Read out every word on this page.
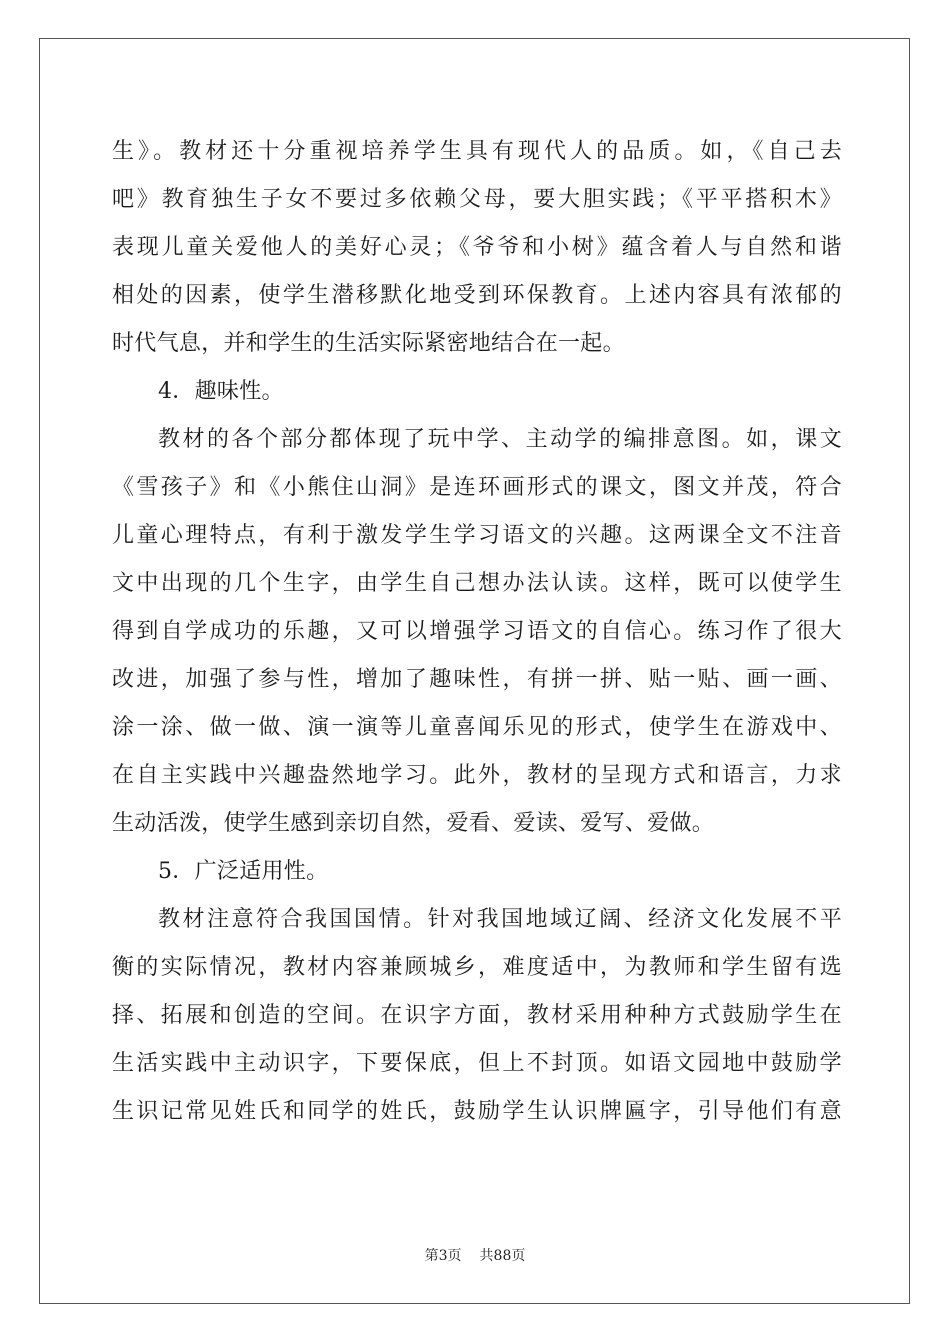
生》。教材还十分重视培养学生具有现代人的品质。如，《自己去
吧》教育独生子女不要过多依赖父母，要大胆实践；《平平搭积木》
表现儿童关爱他人的美好心灵；《爷爷和小树》蕴含着人与自然和谐
相处的因素，使学生潜移默化地受到环保教育。上述内容具有浓郁的
时代气息，并和学生的生活实际紧密地结合在一起。
4．趣味性。
教材的各个部分都体现了玩中学、主动学的编排意图。如，课文
《雪孩子》和《小熊住山洞》是连环画形式的课文，图文并茂，符合
儿童心理特点，有利于激发学生学习语文的兴趣。这两课全文不注音
文中出现的几个生字，由学生自己想办法认读。这样，既可以使学生
得到自学成功的乐趣，又可以增强学习语文的自信心。练习作了很大
改进，加强了参与性，增加了趣味性，有拼一拼、贴一贴、画一画、
涂一涂、做一做、演一演等儿童喜闻乐见的形式，使学生在游戏中、
在自主实践中兴趣盎然地学习。此外，教材的呈现方式和语言，力求
生动活泼，使学生感到亲切自然，爱看、爱读、爱写、爱做。
5．广泛适用性。
教材注意符合我国国情。针对我国地域辽阔、经济文化发展不平
衡的实际情况，教材内容兼顾城乡，难度适中，为教师和学生留有选
择、拓展和创造的空间。在识字方面，教材采用种种方式鼓励学生在
生活实践中主动识字，下要保底，但上不封顶。如语文园地中鼓励学
生识记常见姓氏和同学的姓氏，鼓励学生认识牌匾字，引导他们有意
第3页 共88页
